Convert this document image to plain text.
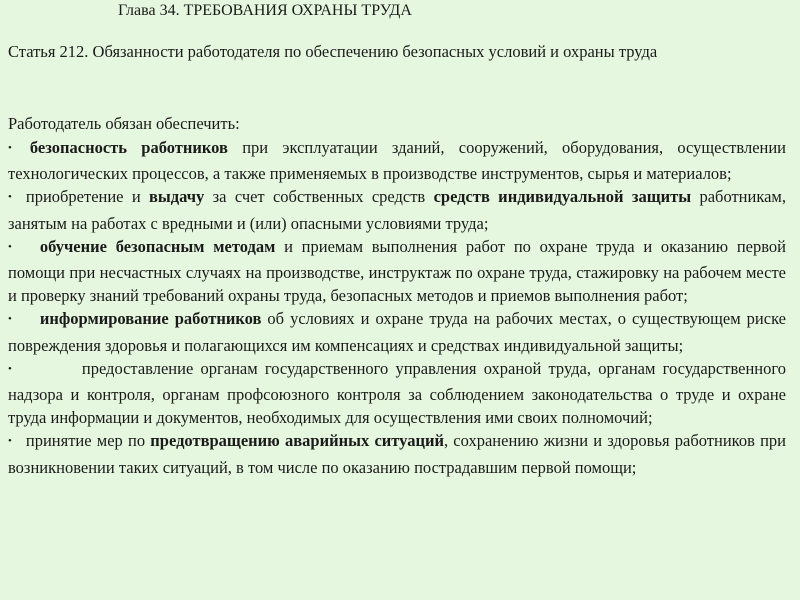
Глава 34. ТРЕБОВАНИЯ ОХРАНЫ ТРУДА
Статья 212. Обязанности работодателя по обеспечению безопасных условий и охраны труда
Работодатель обязан обеспечить:

• безопасность работников при эксплуатации зданий, сооружений, оборудования, осуществлении технологических процессов, а также применяемых в производстве инструментов, сырья и материалов;

• приобретение и выдачу за счет собственных средств средств индивидуальной защиты работникам, занятым на работах с вредными и (или) опасными условиями труда;

• обучение безопасным методам и приемам выполнения работ по охране труда и оказанию первой помощи при несчастных случаях на производстве, инструктаж по охране труда, стажировку на рабочем месте и проверку знаний требований охраны труда, безопасных методов и приемов выполнения работ;

• информирование работников об условиях и охране труда на рабочих местах, о существующем риске повреждения здоровья и полагающихся им компенсациях и средствах индивидуальной защиты;

•	предоставление органам государственного управления охраной труда, органам государственного надзора и контроля, органам профсоюзного контроля за соблюдением законодательства о труде и охране труда информации и документов, необходимых для осуществления ими своих полномочий;

• принятие мер по предотвращению аварийных ситуаций, сохранению жизни и здоровья работников при возникновении таких ситуаций, в том числе по оказанию пострадавшим первой помощи;
